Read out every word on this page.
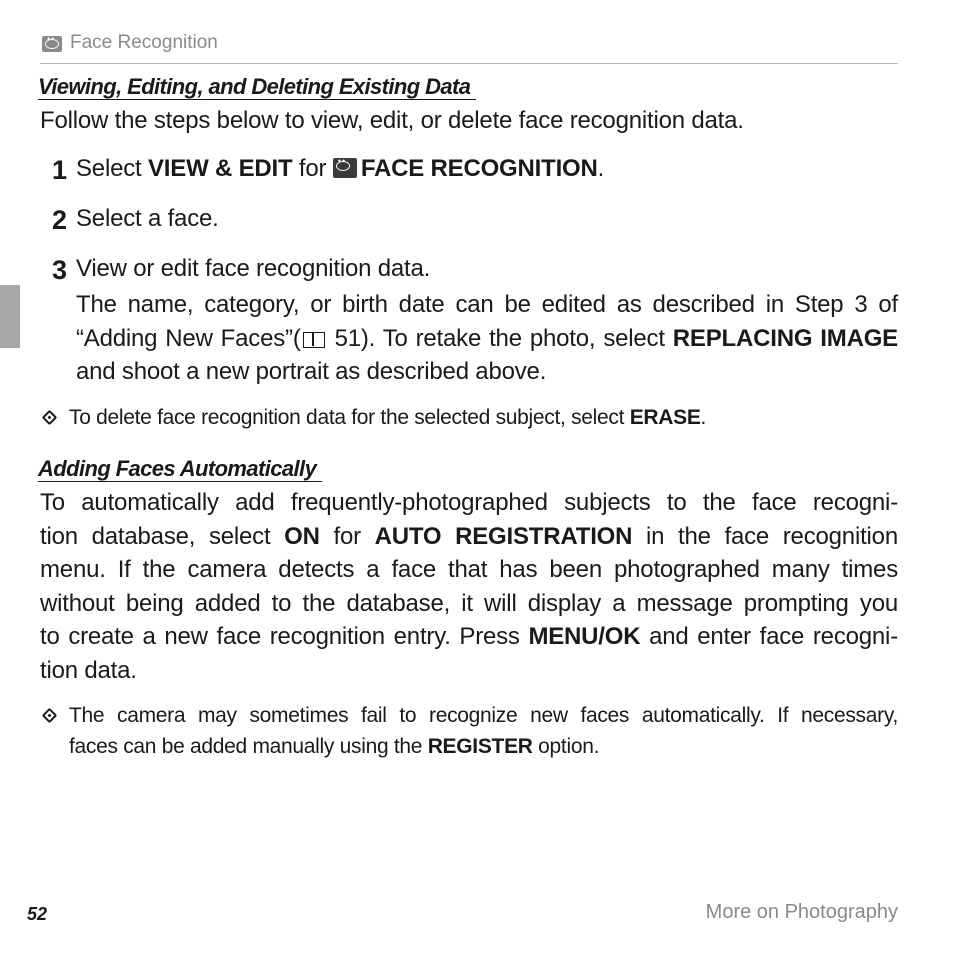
••
Face Recognition
Viewing, Editing, and Deleting Existing Data
Follow the steps below to view, edit, or delete face recognition data.
1 Select VIEW & EDIT for ••FACE RECOGNITION.
2 Select a face.
3 View or edit face recognition data.
The name, category, or birth date can be edited as described in Step 3 of
“Adding New Faces”( 51). To retake the photo, select REPLACING IMAGE
and shoot a new portrait as described above.
To delete face recognition data for the selected subject, select ERASE.
Adding Faces Automatically
To automatically add frequently-photographed subjects to the face recogni-
tion database, select ON for AUTO REGISTRATION in the face recognition
menu. If the camera detects a face that has been photographed many times
without being added to the database, it will display a message prompting you
to create a new face recognition entry. Press MENU/OK and enter face recogni-
tion data.
The camera may sometimes fail to recognize new faces automatically. If necessary,
faces can be added manually using the REGISTER option.
52	More on Photography
